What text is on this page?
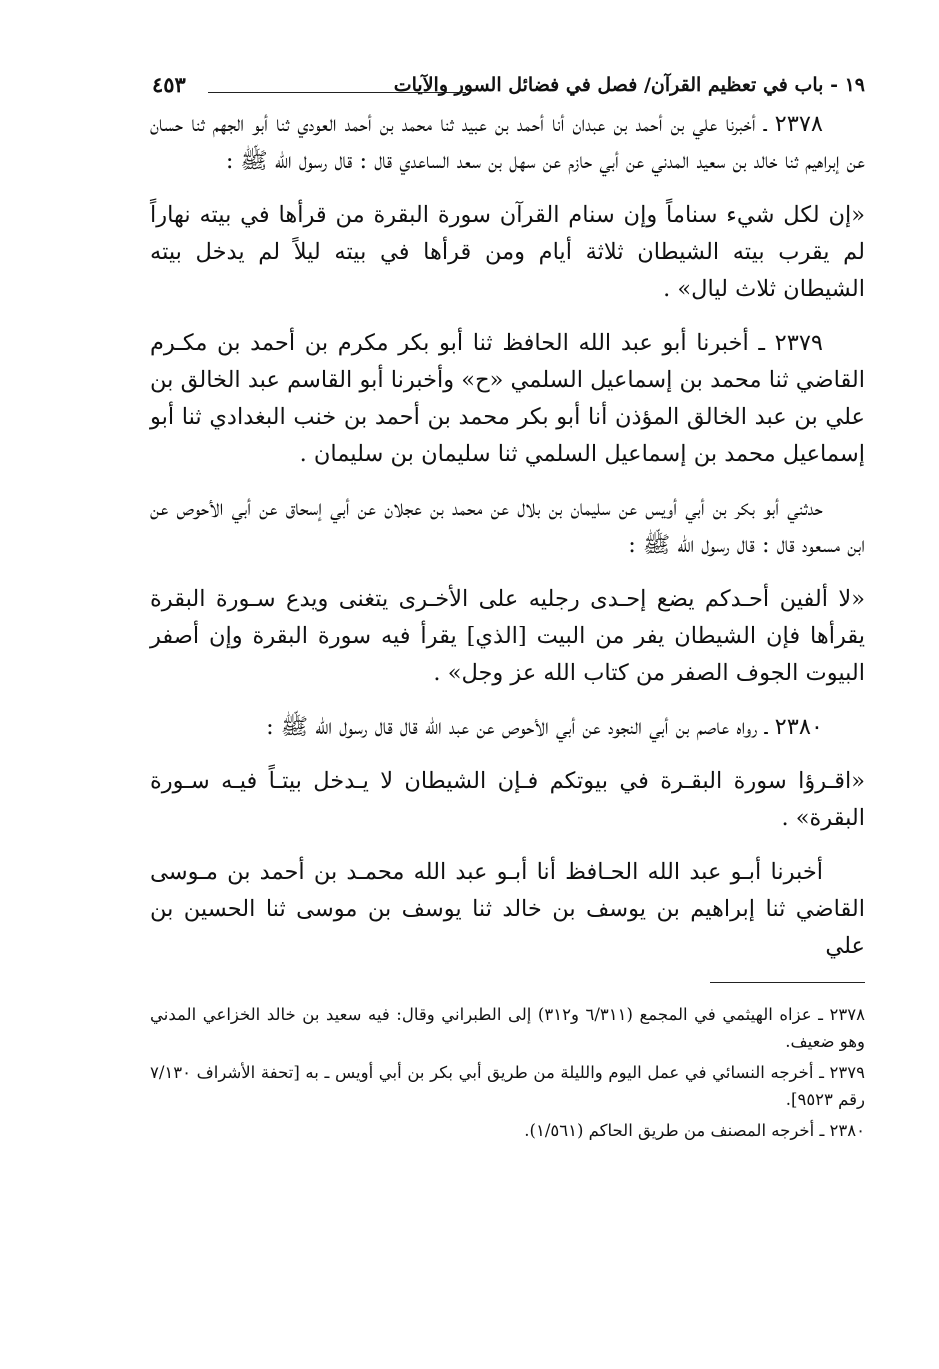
١٩ - باب في تعظيم القرآن/ فصل في فضائل السور والآيات
٤٥٣

٢٣٧٨ ـ أخبرنا علي بن أحمد بن عبدان أنا أحمد بن عبيد ثنا محمد بن أحمد العودي ثنا أبو الجهم ثنا حسان عن إبراهيم ثنا خالد بن سعيد المدني عن أبي حازم عن سهل بن سعد الساعدي قال : قال رسول الله ﷺ :

«إن لكل شيء سناماً وإن سنام القرآن سورة البقرة من قرأها في بيته نهاراً لم يقرب بيته الشيطان ثلاثة أيام ومن قرأها في بيته ليلاً لم يدخل بيته الشيطان ثلاث ليال» .

٢٣٧٩ ـ أخبرنا أبو عبد الله الحافظ ثنا أبو بكر مكرم بن أحمد بن مكـرم القاضي ثنا محمد بن إسماعيل السلمي «ح» وأخبرنا أبو القاسم عبد الخالق بن علي بن عبد الخالق المؤذن أنا أبو بكر محمد بن أحمد بن خنب البغدادي ثنا أبو إسماعيل محمد بن إسماعيل السلمي ثنا سليمان بن سليمان .

حدثني أبو بكر بن أبي أويس عن سليمان بن بلال عن محمد بن عجلان عن أبي إسحاق عن أبي الأحوص عن ابن مسعود قال : قال رسول الله ﷺ :

«لا ألفين أحـدكم يضع إحـدى رجليه على الأخـرى يتغنى ويدع سـورة البقرة يقرأها فإن الشيطان يفر من البيت [الذي] يقرأ فيه سورة البقرة وإن أصفر البيوت الجوف الصفر من كتاب الله عز وجل» .

٢٣٨٠ ـ رواه عاصم بن أبي النجود عن أبي الأحوص عن عبد الله قال قال رسول الله ﷺ :

«اقـرؤا سورة البقـرة في بيوتكم فـإن الشيطان لا يـدخل بيتـاً فيـه سـورة البقرة» .

أخبرنا أبـو عبد الله الحـافظ أنا أبـو عبد الله محمـد بن أحمد بن مـوسى القاضي ثنا إبراهيم بن يوسف بن خالد ثنا يوسف بن موسى ثنا الحسين بن علي

٢٣٧٨ ـ عزاه الهيثمي في المجمع (٦/٣١١ و٣١٢) إلى الطبراني وقال: فيه سعيد بن خالد الخزاعي المدني وهو ضعيف.

٢٣٧٩ ـ أخرجه النسائي في عمل اليوم والليلة من طريق أبي بكر بن أبي أويس ـ به [تحفة الأشراف ٧/١٣٠ رقم ٩٥٢٣].

٢٣٨٠ ـ أخرجه المصنف من طريق الحاكم (١/٥٦١).
